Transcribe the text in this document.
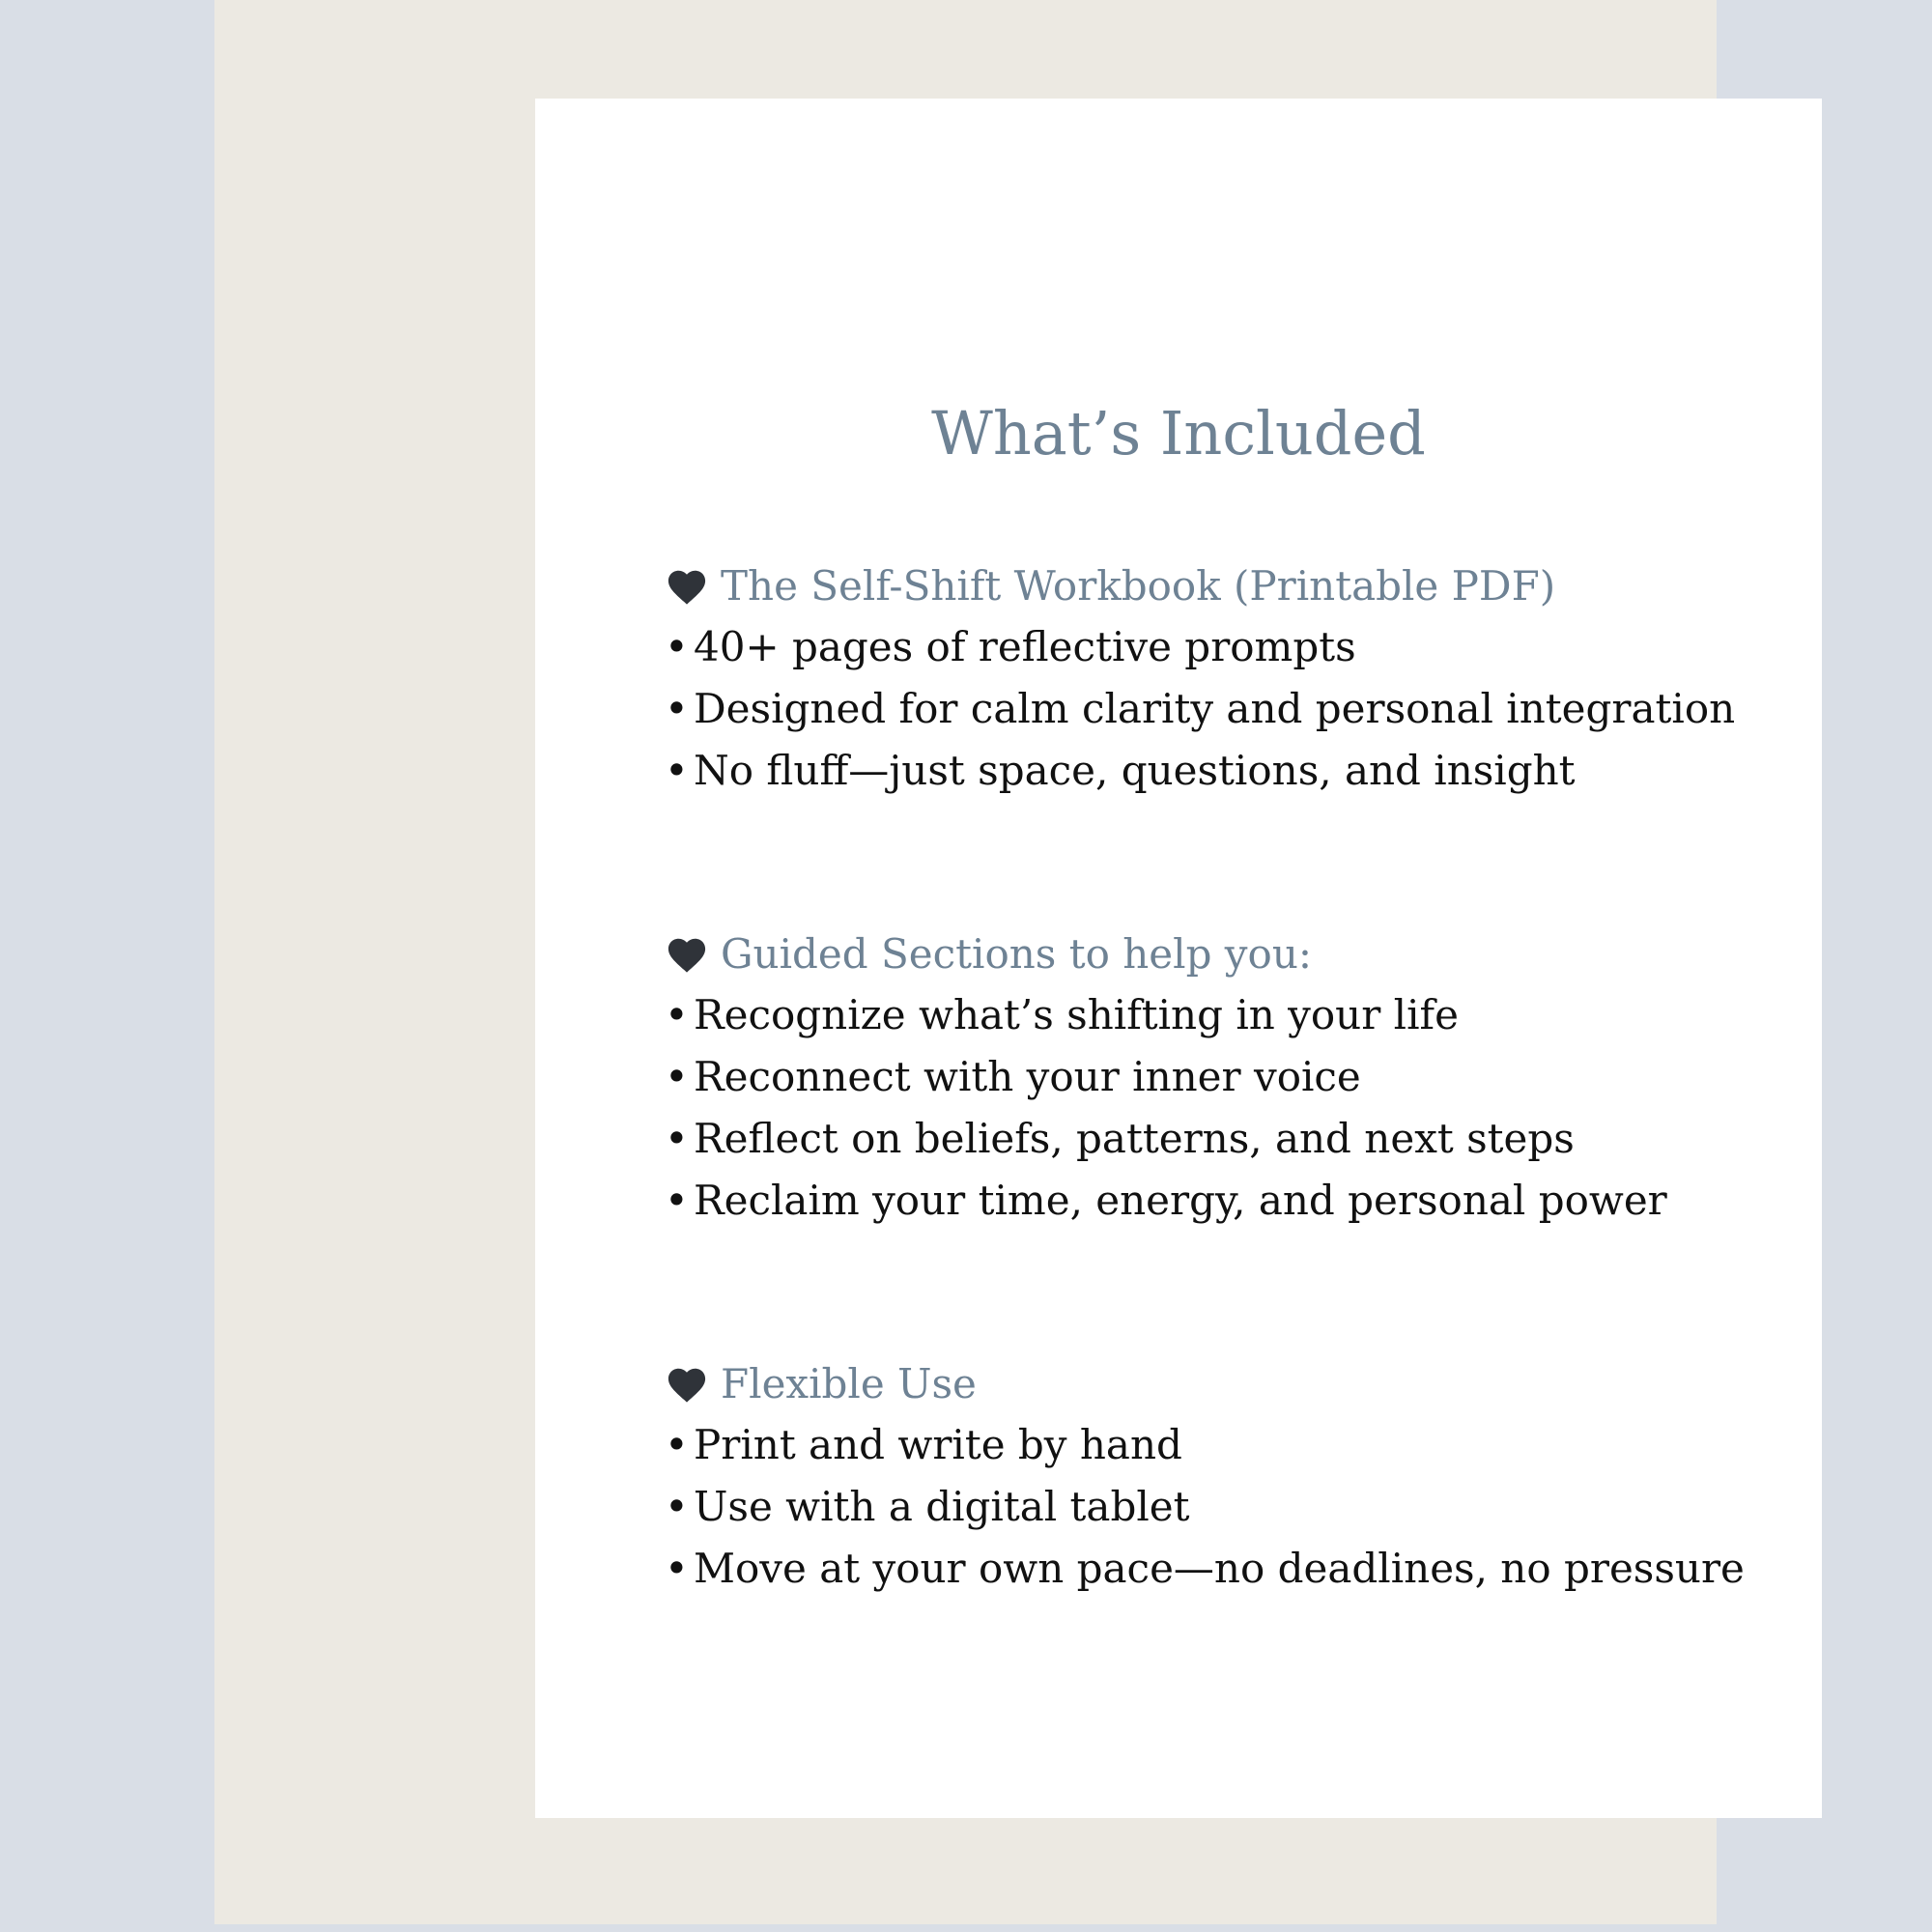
What’s Included
The Self-Shift Workbook (Printable PDF)
• 40+ pages of reflective prompts
• Designed for calm clarity and personal integration
• No fluff—just space, questions, and insight
Guided Sections to help you:
• Recognize what’s shifting in your life
• Reconnect with your inner voice
• Reflect on beliefs, patterns, and next steps
• Reclaim your time, energy, and personal power
Flexible Use
• Print and write by hand
• Use with a digital tablet
• Move at your own pace—no deadlines, no pressure
